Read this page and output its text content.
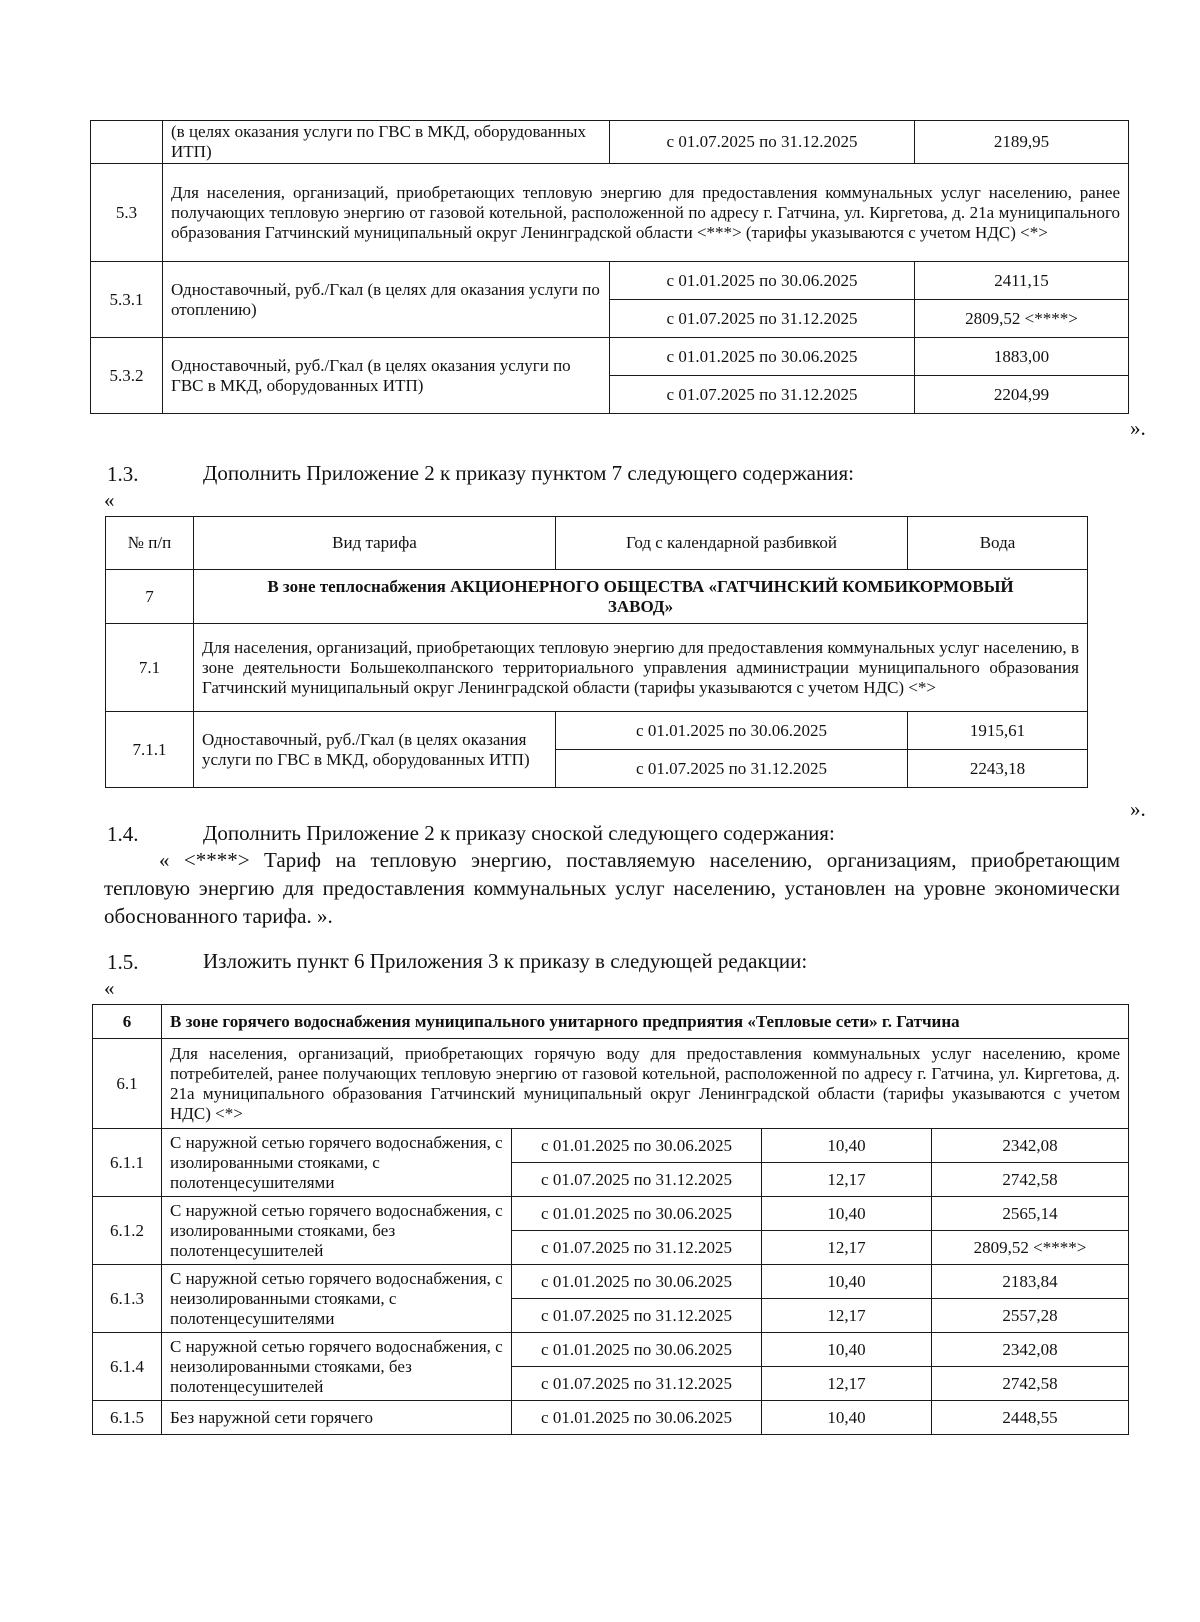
	(в целях оказания услуги по ГВС в МКД, оборудованных ИТП)	с 01.07.2025 по 31.12.2025	2189,95
5.3	Для населения, организаций, приобретающих тепловую энергию для предоставления коммунальных услуг населению, ранее получающих тепловую энергию от газовой котельной, расположенной по адресу г. Гатчина, ул. Киргетова, д. 21а муниципального образования Гатчинский муниципальный округ Ленинградской области <***> (тарифы указываются с учетом НДС) <*>		
5.3.1	Одноставочный, руб./Гкал (в целях для оказания услуги по отоплению)	с 01.01.2025 по 30.06.2025	2411,15
		с 01.07.2025 по 31.12.2025	2809,52 <****>
5.3.2	Одноставочный, руб./Гкал (в целях оказания услуги по ГВС в МКД, оборудованных ИТП)	с 01.01.2025 по 30.06.2025	1883,00
		с 01.07.2025 по 31.12.2025	2204,99
».
1.3.	Дополнить Приложение 2 к приказу пунктом 7 следующего содержания:
«
№ п/п	Вид тарифа	Год с календарной разбивкой	Вода
7	В зоне теплоснабжения АКЦИОНЕРНОГО ОБЩЕСТВА «ГАТЧИНСКИЙ КОМБИКОРМОВЫЙ ЗАВОД»		
7.1	Для населения, организаций, приобретающих тепловую энергию для предоставления коммунальных услуг населению, в зоне деятельности Большеколпанского территориального управления администрации муниципального образования Гатчинский муниципальный округ Ленинградской области (тарифы указываются с учетом НДС) <*>		
7.1.1	Одноставочный, руб./Гкал (в целях оказания услуги по ГВС в МКД, оборудованных ИТП)	с 01.01.2025 по 30.06.2025	1915,61
		с 01.07.2025 по 31.12.2025	2243,18
».
1.4.	Дополнить Приложение 2 к приказу сноской следующего содержания:
« <****> Тариф на тепловую энергию, поставляемую населению, организациям, приобретающим тепловую энергию для предоставления коммунальных услуг населению, установлен на уровне экономически обоснованного тарифа. ».
1.5.	Изложить пункт 6 Приложения 3 к приказу в следующей редакции:
«
6	В зоне горячего водоснабжения муниципального унитарного предприятия «Тепловые сети» г. Гатчина			
6.1	Для населения, организаций, приобретающих горячую воду для предоставления коммунальных услуг населению, кроме потребителей, ранее получающих тепловую энергию от газовой котельной, расположенной по адресу г. Гатчина, ул. Киргетова, д. 21а муниципального образования Гатчинский муниципальный округ Ленинградской области (тарифы указываются с учетом НДС) <*>			
6.1.1	С наружной сетью горячего водоснабжения, с изолированными стояками, с полотенцесушителями	с 01.01.2025 по 30.06.2025	10,40	2342,08
		с 01.07.2025 по 31.12.2025	12,17	2742,58
6.1.2	С наружной сетью горячего водоснабжения, с изолированными стояками, без полотенцесушителей	с 01.01.2025 по 30.06.2025	10,40	2565,14
		с 01.07.2025 по 31.12.2025	12,17	2809,52 <****>
6.1.3	С наружной сетью горячего водоснабжения, с неизолированными стояками, с полотенцесушителями	с 01.01.2025 по 30.06.2025	10,40	2183,84
		с 01.07.2025 по 31.12.2025	12,17	2557,28
6.1.4	С наружной сетью горячего водоснабжения, с неизолированными стояками, без полотенцесушителей	с 01.01.2025 по 30.06.2025	10,40	2342,08
		с 01.07.2025 по 31.12.2025	12,17	2742,58
6.1.5	Без наружной сети горячего	с 01.01.2025 по 30.06.2025	10,40	2448,55
